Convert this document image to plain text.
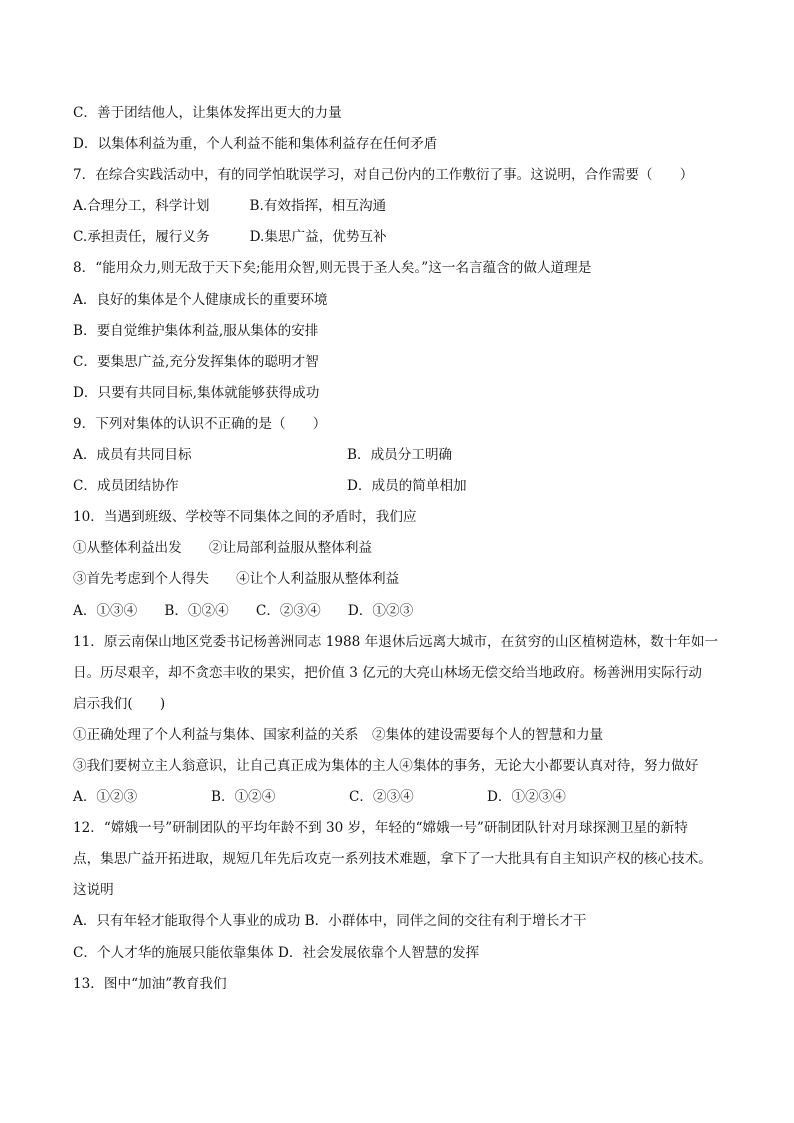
C．善于团结他人，让集体发挥出更大的力量
D．以集体利益为重，个人利益不能和集体利益存在任何矛盾
7．在综合实践活动中，有的同学怕耽误学习，对自己份内的工作敷衍了事。这说明，合作需要（　　）
A.合理分工，科学计划	B.有效指挥，相互沟通
C.承担责任，履行义务	D.集思广益，优势互补
8．“能用众力,则无敌于天下矣;能用众智,则无畏于圣人矣。”这一名言蕴含的做人道理是
A．良好的集体是个人健康成长的重要环境
B．要自觉维护集体利益,服从集体的安排
C．要集思广益,充分发挥集体的聪明才智
D．只要有共同目标,集体就能够获得成功
9．下列对集体的认识不正确的是（　　）
A．成员有共同目标	B．成员分工明确
C．成员团结协作	D．成员的简单相加
10．当遇到班级、学校等不同集体之间的矛盾时，我们应
①从整体利益出发　　②让局部利益服从整体利益
③首先考虑到个人得失　　④让个人利益服从整体利益
A．①③④　　B．①②④　　C．②③④　　D．①②③
11．原云南保山地区党委书记杨善洲同志 1988 年退休后远离大城市，在贫穷的山区植树造林，数十年如一
日。历尽艰辛，却不贪恋丰收的果实，把价值 3 亿元的大亮山林场无偿交给当地政府。杨善洲用实际行动
启示我们(　　)
①正确处理了个人利益与集体、国家利益的关系　②集体的建设需要每个人的智慧和力量
③我们要树立主人翁意识，让自己真正成为集体的主人④集体的事务，无论大小都要认真对待，努力做好
A．①②③	B．①②④	C．②③④	D．①②③④
12．“嫦娥一号”研制团队的平均年龄不到 30 岁，年轻的“嫦娥一号”研制团队针对月球探测卫星的新特
点，集思广益开拓进取，规短几年先后攻克一系列技术难题，拿下了一大批具有自主知识产权的核心技术。
这说明
A．只有年轻才能取得个人事业的成功 B．小群体中，同伴之间的交往有利于增长才干
C．个人才华的施展只能依靠集体 D．社会发展依靠个人智慧的发挥
13．图中“加油”教育我们
